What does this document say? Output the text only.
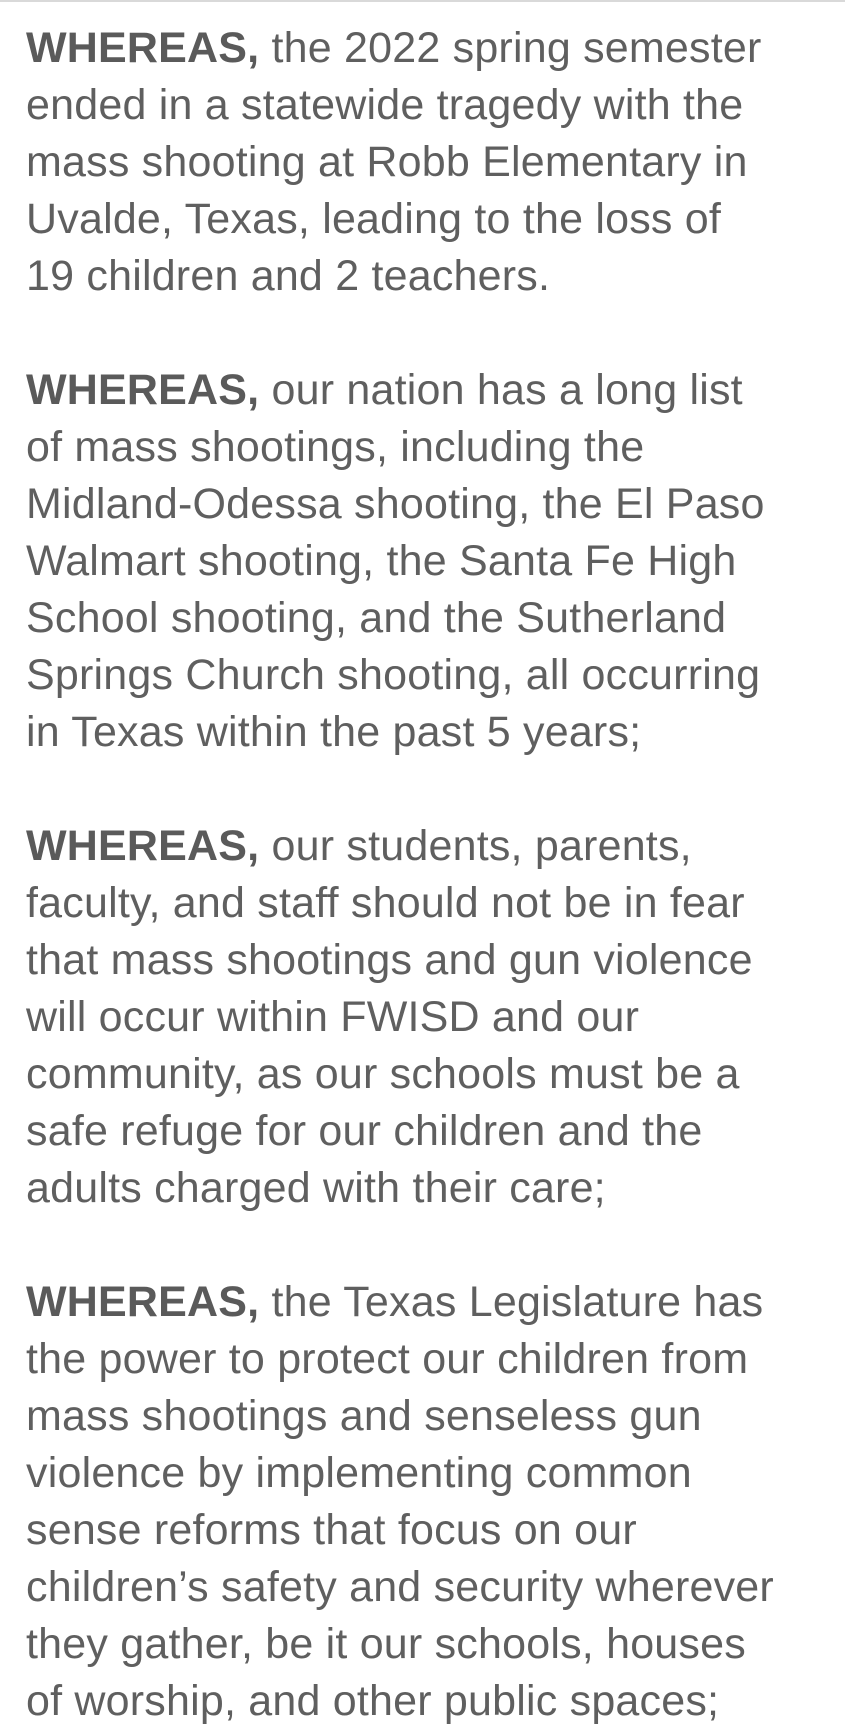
WHEREAS, the 2022 spring semester
ended in a statewide tragedy with the
mass shooting at Robb Elementary in
Uvalde, Texas, leading to the loss of
19 children and 2 teachers.

WHEREAS, our nation has a long list
of mass shootings, including the
Midland-Odessa shooting, the El Paso
Walmart shooting, the Santa Fe High
School shooting, and the Sutherland
Springs Church shooting, all occurring
in Texas within the past 5 years;

WHEREAS, our students, parents,
faculty, and staff should not be in fear
that mass shootings and gun violence
will occur within FWISD and our
community, as our schools must be a
safe refuge for our children and the
adults charged with their care;

WHEREAS, the Texas Legislature has
the power to protect our children from
mass shootings and senseless gun
violence by implementing common
sense reforms that focus on our
children’s safety and security wherever
they gather, be it our schools, houses
of worship, and other public spaces;
